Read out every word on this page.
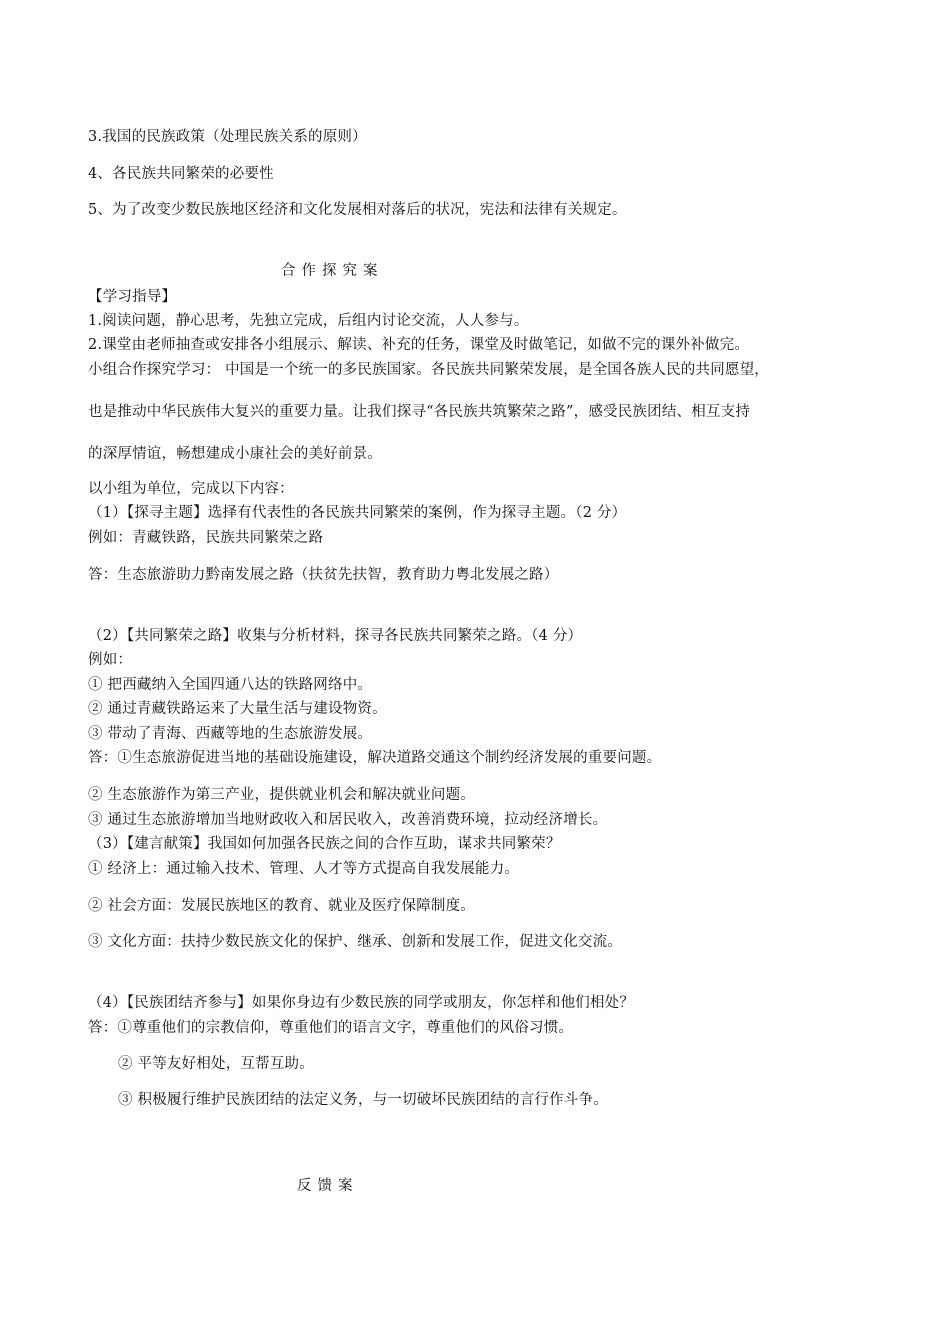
3.我国的民族政策（处理民族关系的原则）
4、各民族共同繁荣的必要性
5、为了改变少数民族地区经济和文化发展相对落后的状况，宪法和法律有关规定。
合作探究案
【学习指导】
1.阅读问题，静心思考，先独立完成，后组内讨论交流，人人参与。
2.课堂由老师抽查或安排各小组展示、解读、补充的任务，课堂及时做笔记，如做不完的课外补做完。
小组合作探究学习： 中国是一个统一的多民族国家。各民族共同繁荣发展，是全国各族人民的共同愿望，
也是推动中华民族伟大复兴的重要力量。让我们探寻“各民族共筑繁荣之路”，感受民族团结、相互支持
的深厚情谊，畅想建成小康社会的美好前景。
以小组为单位，完成以下内容：
（1）【探寻主题】选择有代表性的各民族共同繁荣的案例，作为探寻主题。（2 分）
例如：青藏铁路，民族共同繁荣之路
答：生态旅游助力黔南发展之路（扶贫先扶智，教育助力粤北发展之路）
（2）【共同繁荣之路】收集与分析材料，探寻各民族共同繁荣之路。（4 分）
例如：
① 把西藏纳入全国四通八达的铁路网络中。
② 通过青藏铁路运来了大量生活与建设物资。
③ 带动了青海、西藏等地的生态旅游发展。
答：①生态旅游促进当地的基础设施建设，解决道路交通这个制约经济发展的重要问题。
② 生态旅游作为第三产业，提供就业机会和解决就业问题。
③ 通过生态旅游增加当地财政收入和居民收入，改善消费环境，拉动经济增长。
（3）【建言献策】我国如何加强各民族之间的合作互助，谋求共同繁荣？
① 经济上：通过输入技术、管理、人才等方式提高自我发展能力。
② 社会方面：发展民族地区的教育、就业及医疗保障制度。
③ 文化方面：扶持少数民族文化的保护、继承、创新和发展工作，促进文化交流。
（4）【民族团结齐参与】如果你身边有少数民族的同学或朋友，你怎样和他们相处？
答：①尊重他们的宗教信仰，尊重他们的语言文字，尊重他们的风俗习惯。
② 平等友好相处，互帮互助。
③ 积极履行维护民族团结的法定义务，与一切破坏民族团结的言行作斗争。
反馈案
